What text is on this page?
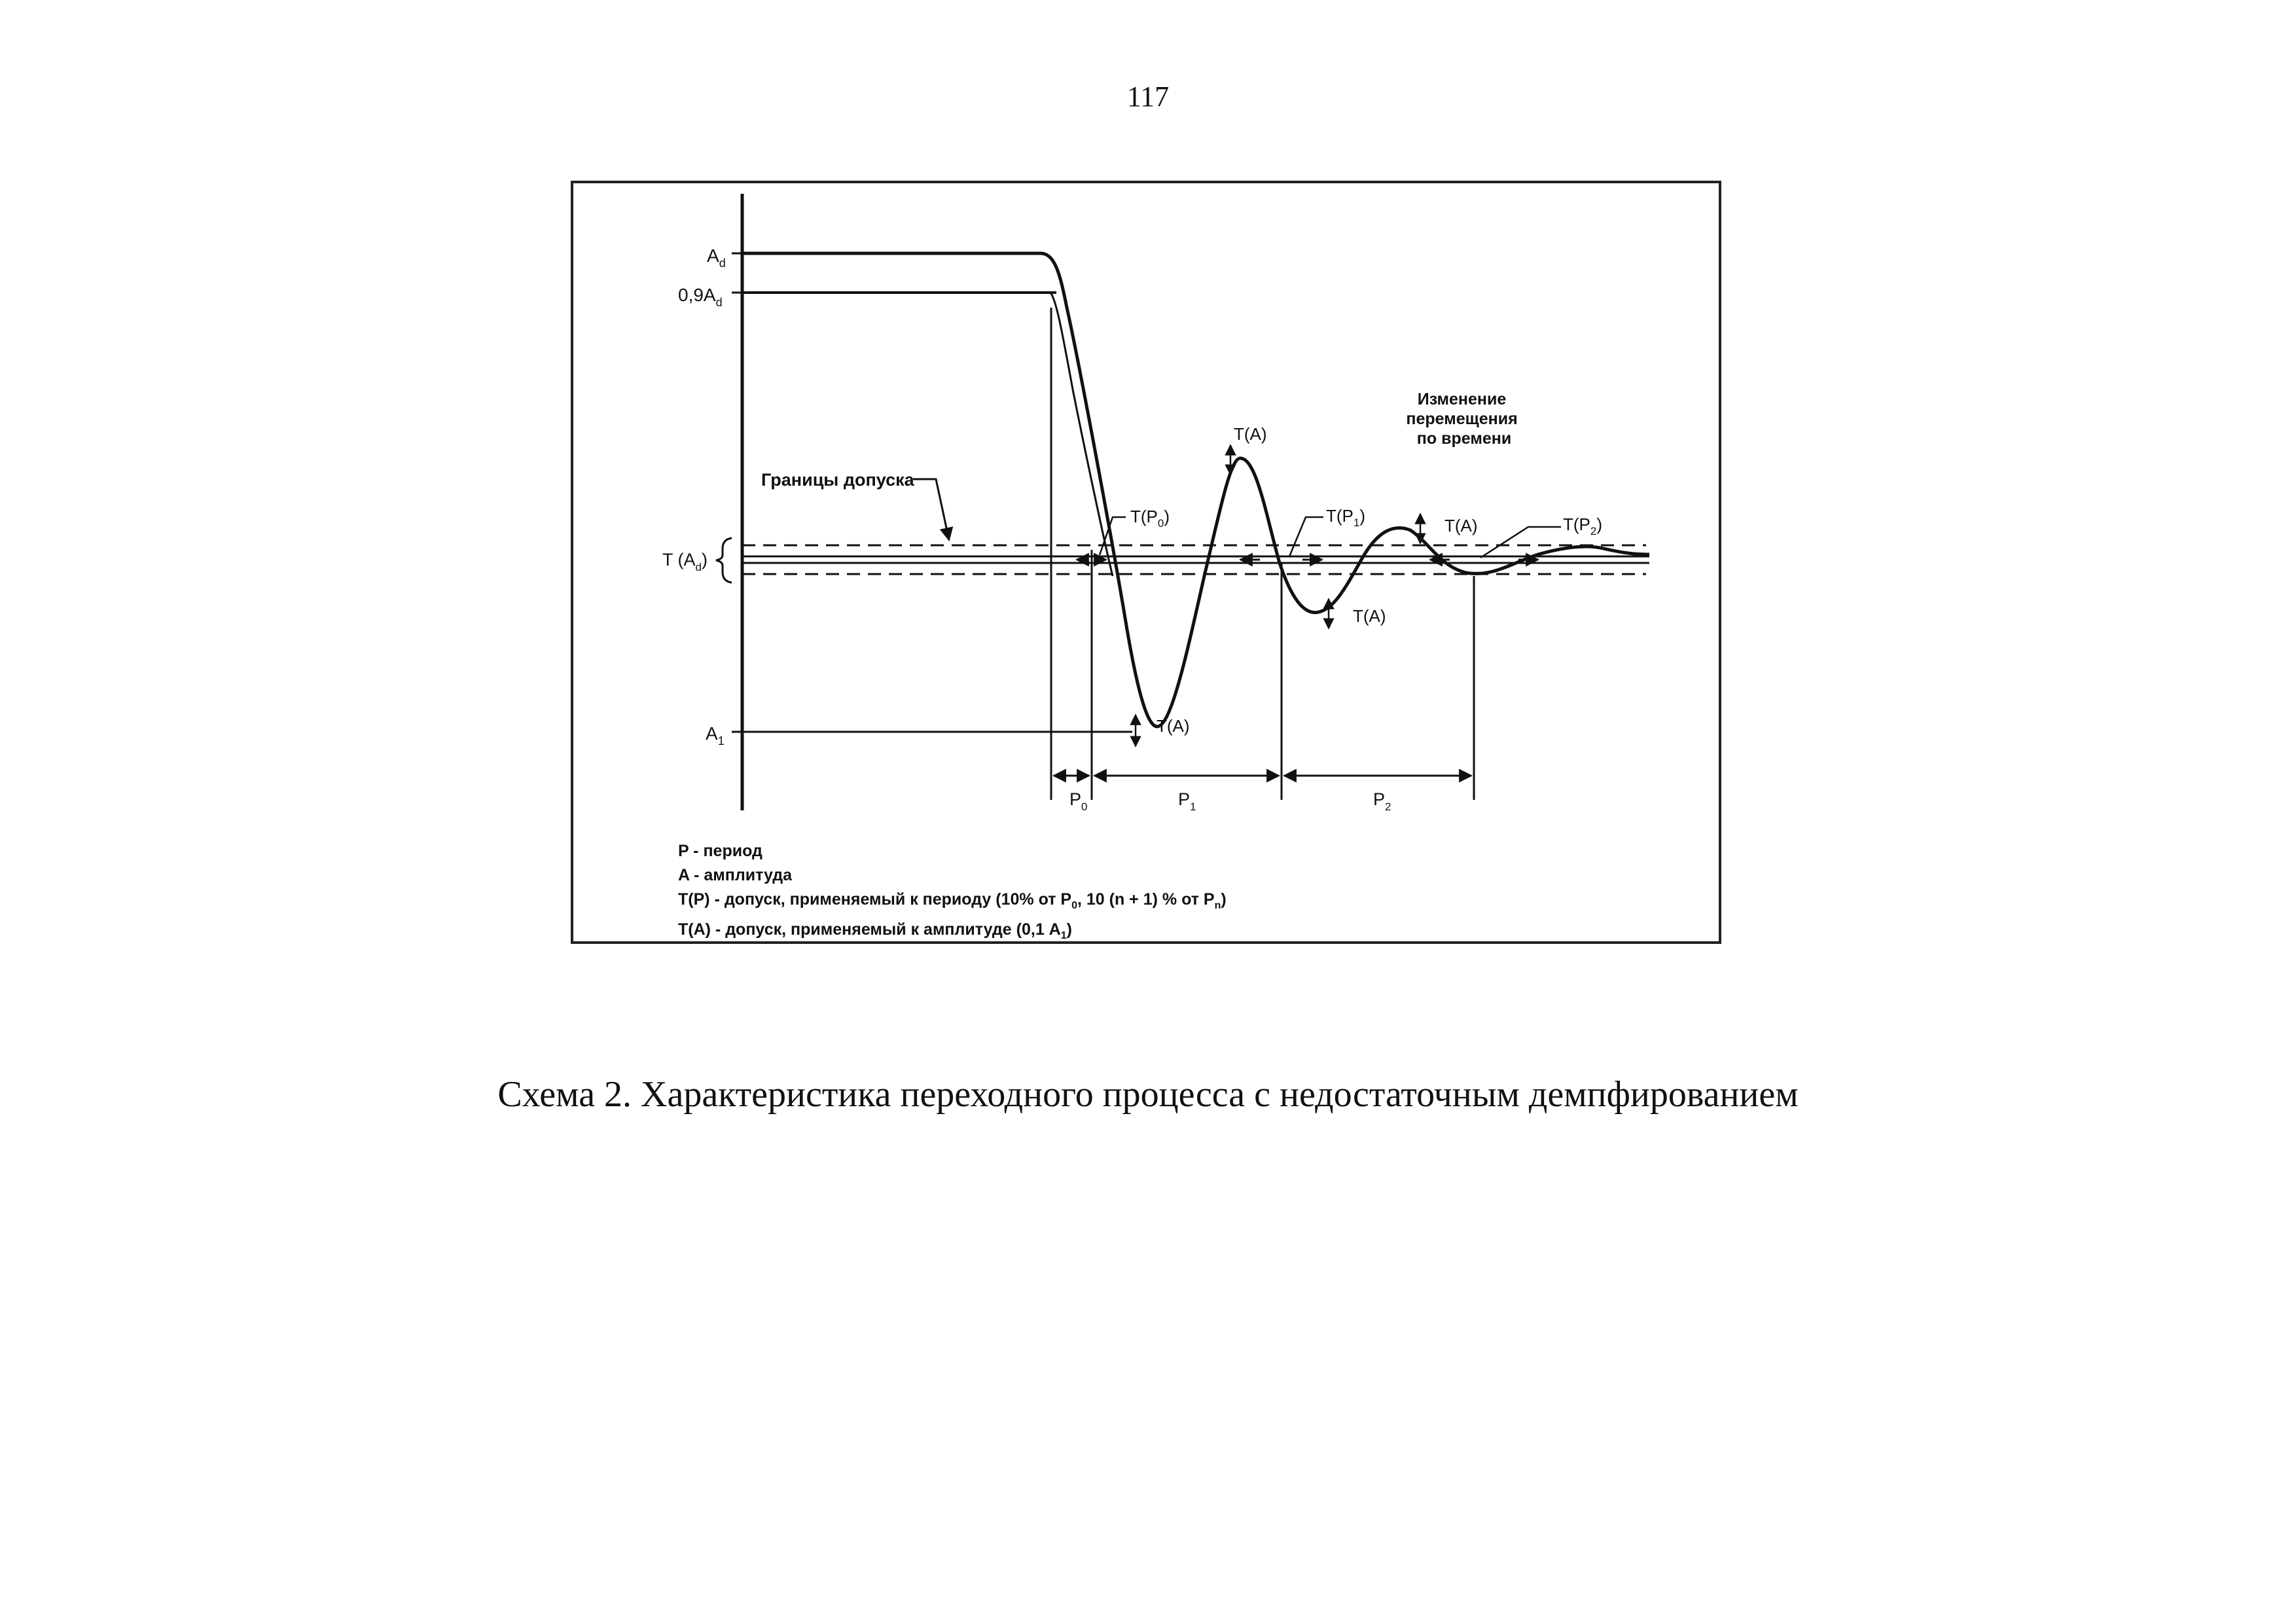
117
$A_d$
$0,9A_d$
T $(A_d)$
$A_1$
Границы допуска
Изменение перемещения по времени
T(A)
T(A)
T(A)
T(A)
$T(P_0)$	$T(P_1)$	$T(P_2)$
$P_0$	$P_1$	$P_2$
P - период
A - амплитуда
T(P) - допуск, применяемый к периоду (10% от $P_0$, 10 (n + 1) % от $P_n$)
T(A) - допуск, применяемый к амплитуде (0,1 $A_1$)
Схема 2. Характеристика переходного процесса с недостаточным демпфированием
